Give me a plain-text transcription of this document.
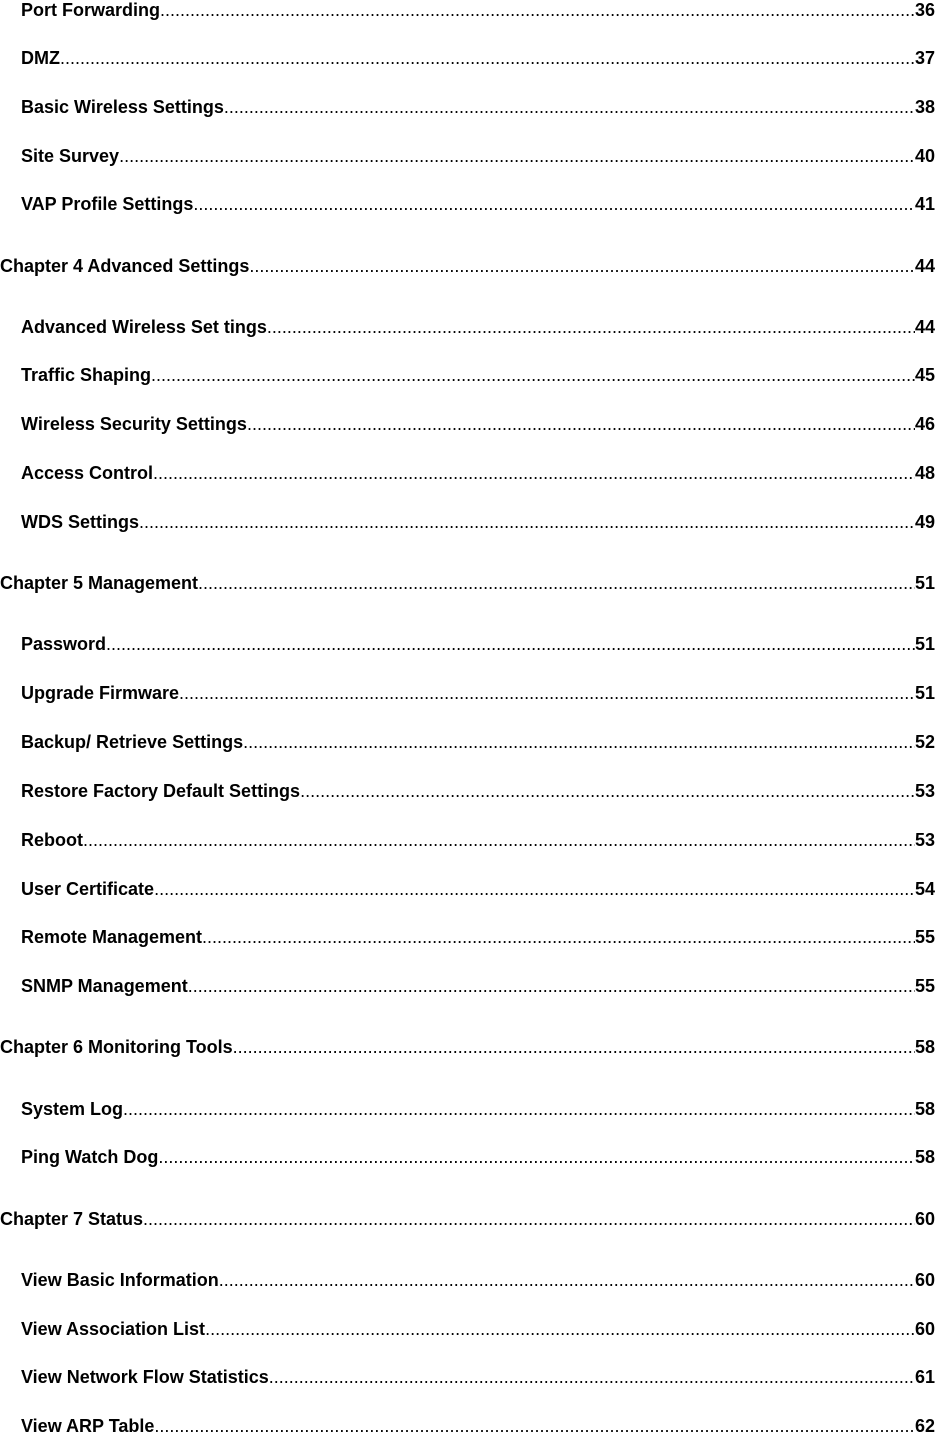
Port Forwarding .....	36
DMZ .....	37
Basic Wireless Settings .....	38
Site Survey .....	40
VAP Profile Settings .....	41
Chapter 4 Advanced Settings .....	44
Advanced Wireless Set tings .....	44
Traffic Shaping .....	45
Wireless Security Settings .....	46
Access Control .....	48
WDS Settings .....	49
Chapter 5 Management .....	51
Password .....	51
Upgrade Firmware .....	51
Backup/ Retrieve Settings .....	52
Restore Factory Default Settings .....	53
Reboot .....	53
User Certificate .....	54
Remote Management .....	55
SNMP Management .....	55
Chapter 6 Monitoring Tools .....	58
System Log .....	58
Ping Watch Dog .....	58
Chapter 7 Status .....	60
View Basic Information .....	60
View Association List .....	60
View Network Flow Statistics .....	61
View ARP Table .....	62
